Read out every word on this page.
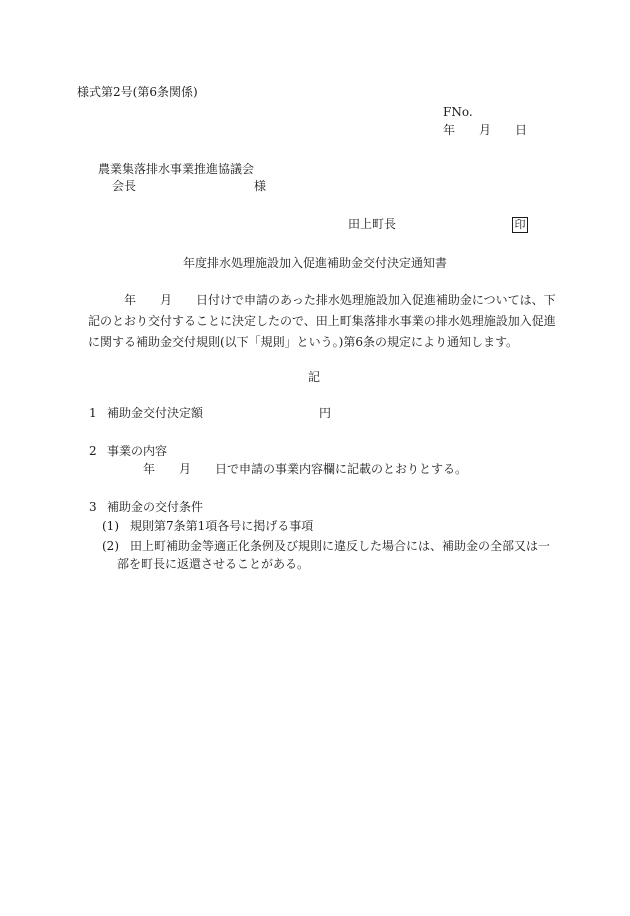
様式第2号(第6条関係)
FNo.
年　　月　　日
農業集落排水事業推進協議会
会長	様
田上町長	印
年度排水処理施設加入促進補助金交付決定通知書
年　　月　　日付けで申請のあった排水処理施設加入促進補助金については、下
記のとおり交付することに決定したので、田上町集落排水事業の排水処理施設加入促進
に関する補助金交付規則(以下「規則」という。)第6条の規定により通知します。
記
1 補助金交付決定額	円
2 事業の内容
年　　月　　日で申請の事業内容欄に記載のとおりとする。
3 補助金の交付条件
(1) 規則第7条第1項各号に掲げる事項
(2) 田上町補助金等適正化条例及び規則に違反した場合には、補助金の全部又は一
部を町長に返還させることがある。
